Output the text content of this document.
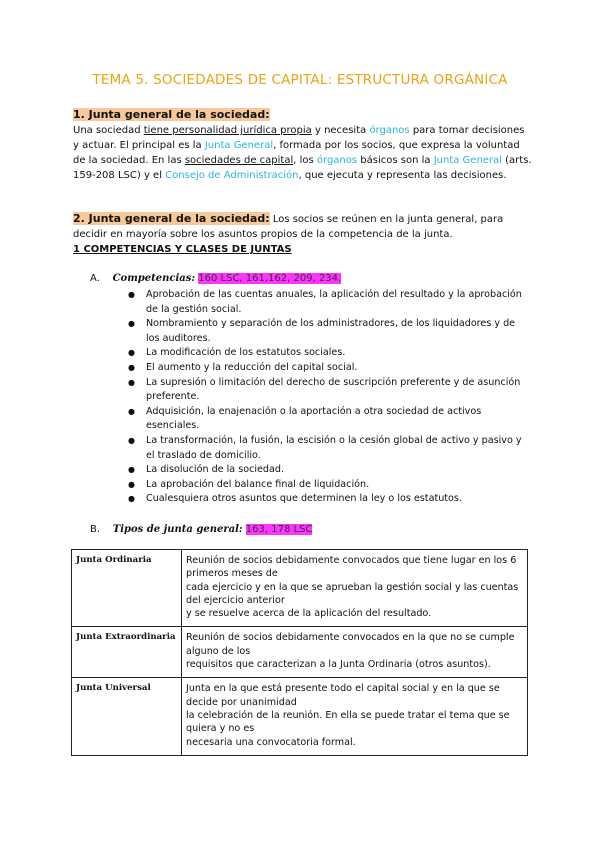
TEMA 5. SOCIEDADES DE CAPITAL: ESTRUCTURA ORGÁNICA
1. Junta general de la sociedad:
Una sociedad tiene personalidad jurídica propia y necesita órganos para tomar decisiones y actuar. El principal es la Junta General, formada por los socios, que expresa la voluntad de la sociedad. En las sociedades de capital, los órganos básicos son la Junta General (arts. 159-208 LSC) y el Consejo de Administración, que ejecuta y representa las decisiones.
2. Junta general de la sociedad: Los socios se reúnen en la junta general, para decidir en mayoría sobre los asuntos propios de la competencia de la junta.
1 COMPETENCIAS Y CLASES DE JUNTAS
A. Competencias: 160 LSC, 161,162, 209, 234.
● Aprobación de las cuentas anuales, la aplicación del resultado y la aprobación de la gestión social.
● Nombramiento y separación de los administradores, de los liquidadores y de los auditores.
● La modificación de los estatutos sociales.
● El aumento y la reducción del capital social.
● La supresión o limitación del derecho de suscripción preferente y de asunción preferente.
● Adquisición, la enajenación o la aportación a otra sociedad de activos esenciales.
● La transformación, la fusión, la escisión o la cesión global de activo y pasivo y el traslado de domicilio.
● La disolución de la sociedad.
● La aprobación del balance final de liquidación.
● Cualesquiera otros asuntos que determinen la ley o los estatutos.
B. Tipos de junta general: 163, 178 LSC
Junta Ordinaria	Reunión de socios debidamente convocados que tiene lugar en los 6 primeros meses de
cada ejercicio y en la que se aprueban la gestión social y las cuentas del ejercicio anterior
y se resuelve acerca de la aplicación del resultado.
Junta Extraordinaria	Reunión de socios debidamente convocados en la que no se cumple alguno de los
requisitos que caracterizan a la Junta Ordinaria (otros asuntos).
Junta Universal	Junta en la que está presente todo el capital social y en la que se decide por unanimidad
la celebración de la reunión. En ella se puede tratar el tema que se quiera y no es
necesaria una convocatoria formal.
